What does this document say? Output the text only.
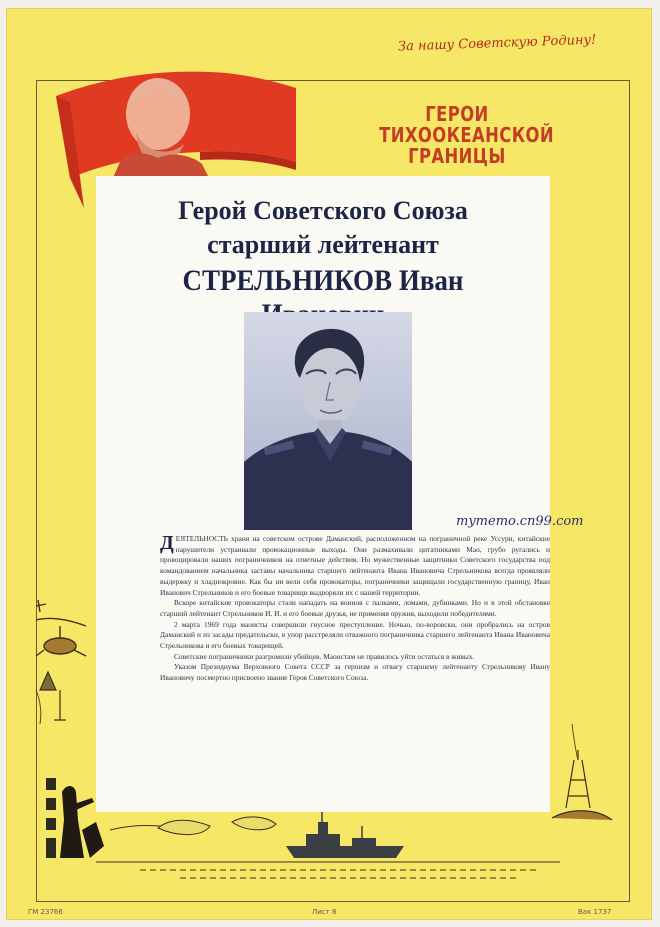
За нашу Советскую Родину!
ГЕРОИ
ТИХООКЕАНСКОЙ
ГРАНИЦЫ
Герой Советского Союза
старший лейтенант
СТРЕЛЬНИКОВ Иван

ДЕЯТЕЛЬНОСТЬ храня на советском острове Даманский, расположенном на пограничной реке Уссури, китайские нарушители устраивали провокационные выходы. Они размахивали цитатниками Мао, грубо ругались и провоцировали наших пограничников на ответные действия. Но мужественные защитники Советского государства под командованием начальника заставы начальника старшего лейтенанта Ивана Ивановича Стрельникова всегда проявляли выдержку и хладнокровие. Как бы ни вели себя провокаторы, пограничники защищали государственную границу, Иван Иванович Стрельников и его боевые товарищи выдворяли их с нашей территории.

Вскоре китайские провокаторы стали нападать на воинов с палками, ломами, дубинками. Но и в этой обстановке старший лейтенант Стрельников И. И. и его боевые друзья, не применяя оружия, выходили победителями.

2 марта 1969 года маоисты совершили гнусное преступление. Ночью, по-воровски, они пробрались на остров Даманский и из засады предательски, в упор расстреляли отважного пограничника старшего лейтенанта Ивана Ивановича Стрельникова и его боевых товарищей.

Советские пограничники разгромили убийцев. Маоистам не правилось уйти остаться в живых.

Указом Президиума Верховного Совета СССР за героизм и отвагу старшему лейтенанту Стрельникову Ивану Ивановичу посмертно присвоено звание Героя Советского Союза.

mymemo.cn99.com
ГМ 23766	Лист 8	Вак 1737
